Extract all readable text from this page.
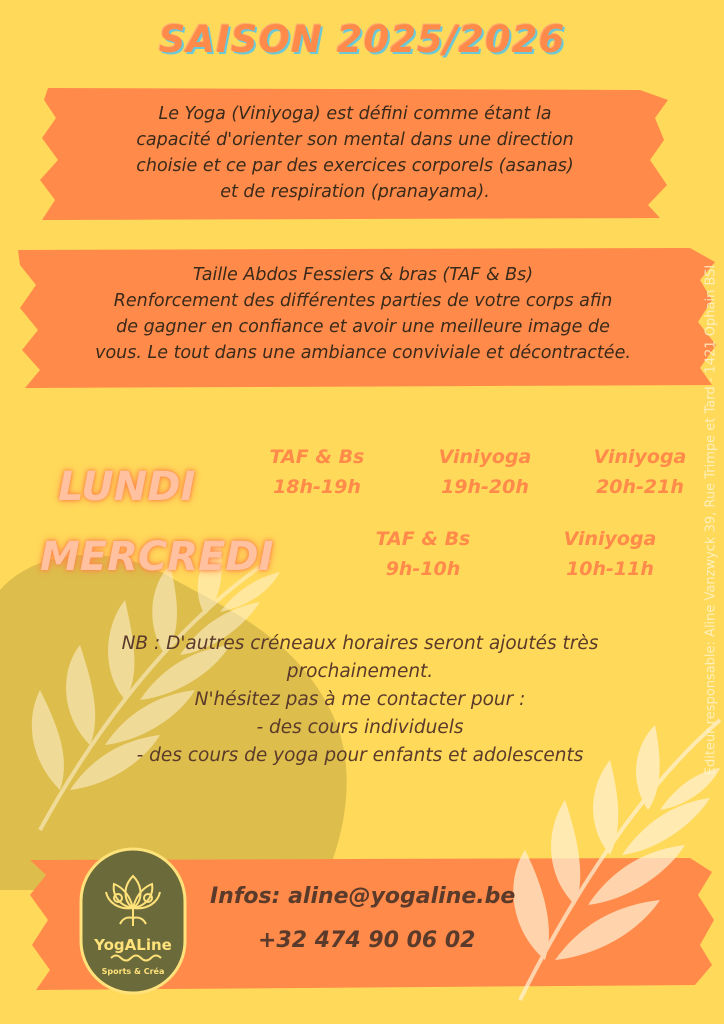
SAISON 2025/2026
Le Yoga (Viniyoga) est défini comme étant la
capacité d'orienter son mental dans une direction
choisie et ce par des exercices corporels (asanas)
et de respiration (pranayama).
Taille Abdos Fessiers & bras (TAF & Bs)
Renforcement des différentes parties de votre corps afin
de gagner en confiance et avoir une meilleure image de
vous. Le tout dans une ambiance conviviale et décontractée.
LUNDI
TAF & Bs
18h-19h
Viniyoga
19h-20h
Viniyoga
20h-21h
MERCREDI	TAF & Bs
9h-10h
Viniyoga
10h-11h
NB : D'autres créneaux horaires seront ajoutés très
prochainement.
N'hésitez pas à me contacter pour :
- des cours individuels
- des cours de yoga pour enfants et adolescents
YogALine
Sports & Créa
Infos: aline@yogaline.be
+32 474 90 06 02
Editeur responsable: Aline Vanzwyck 39, Rue Trimpe et Tard - 1421 Ophain BSI
